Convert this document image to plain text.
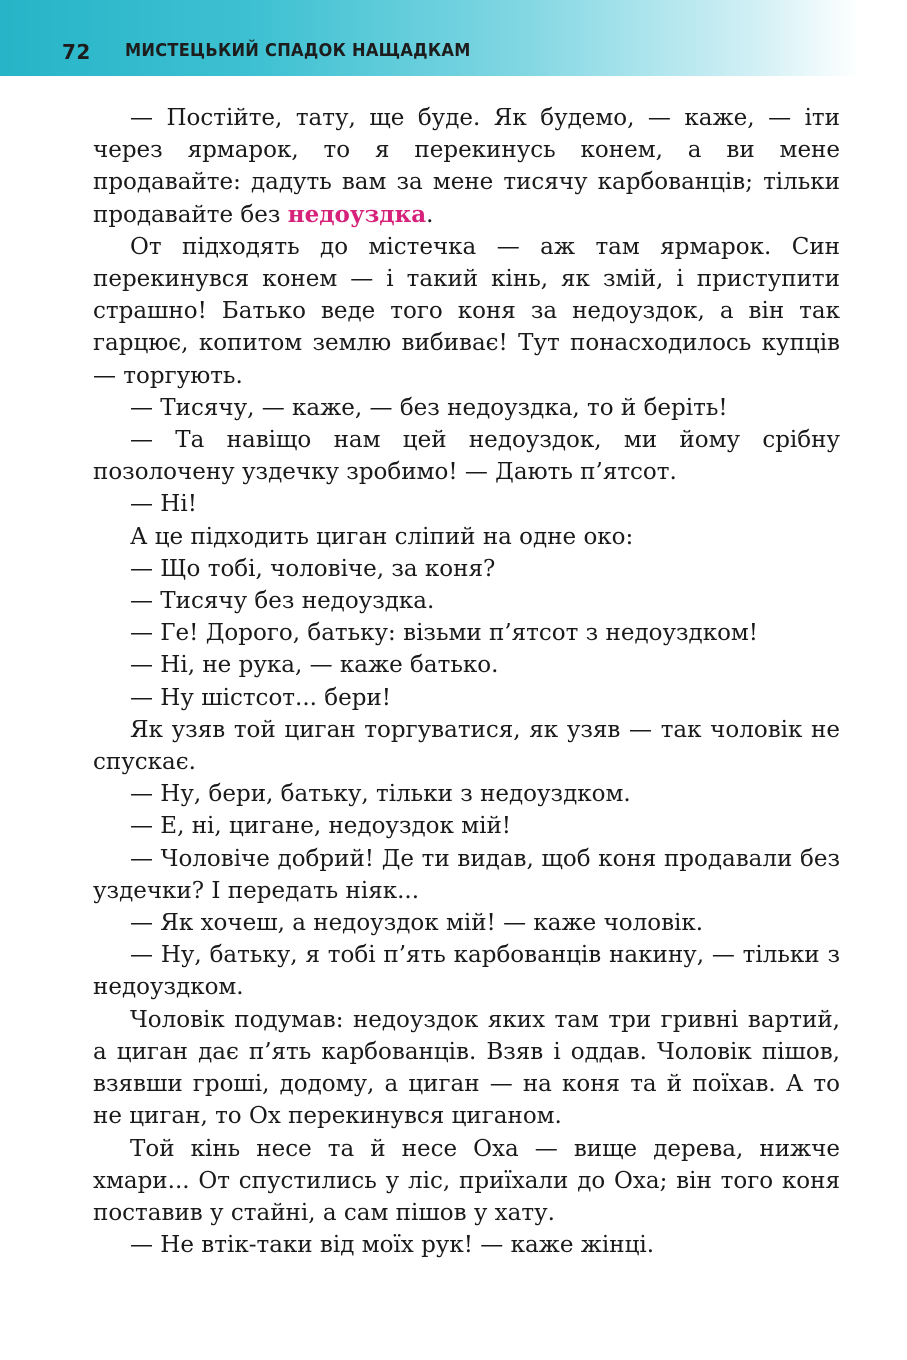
72 МИСТЕЦЬКИЙ СПАДОК НАЩАДКАМ

— Постійте, тату, ще буде. Як будемо, — каже, — іти через ярмарок, то я перекинусь конем, а ви мене продавайте: дадуть вам за мене тисячу карбованців; тільки продавайте без недоуздка.

От підходять до містечка — аж там ярмарок. Син перекинувся конем — і такий кінь, як змій, і приступити страшно! Батько веде того коня за недоуздок, а він так гарцює, копитом землю вибиває! Тут понасходилось купців — торгують.

— Тисячу, — каже, — без недоуздка, то й беріть!

— Та навіщо нам цей недоуздок, ми йому срібну позолочену уздечку зробимо! — Дають п’ятсот.

— Ні!

А це підходить циган сліпий на одне око:

— Що тобі, чоловіче, за коня?

— Тисячу без недоуздка.

— Ге! Дорого, батьку: візьми п’ятсот з недоуздком!

— Ні, не рука, — каже батько.

— Ну шістсот... бери!

Як узяв той циган торгуватися, як узяв — так чоловік не спускає.

— Ну, бери, батьку, тільки з недоуздком.

— Е, ні, цигане, недоуздок мій!

— Чоловіче добрий! Де ти видав, щоб коня продавали без уздечки? І передать ніяк...

— Як хочеш, а недоуздок мій! — каже чоловік.

— Ну, батьку, я тобі п’ять карбованців накину, — тільки з недоуздком.

Чоловік подумав: недоуздок яких там три гривні вартий, а циган дає п’ять карбованців. Взяв і оддав. Чоловік пішов, взявши гроші, додому, а циган — на коня та й поїхав. А то не циган, то Ох перекинувся циганом.

Той кінь несе та й несе Оха — вище дерева, нижче хмари... От спустились у ліс, приїхали до Оха; він того коня поставив у стайні, а сам пішов у хату.

— Не втік-таки від моїх рук! — каже жінці.
